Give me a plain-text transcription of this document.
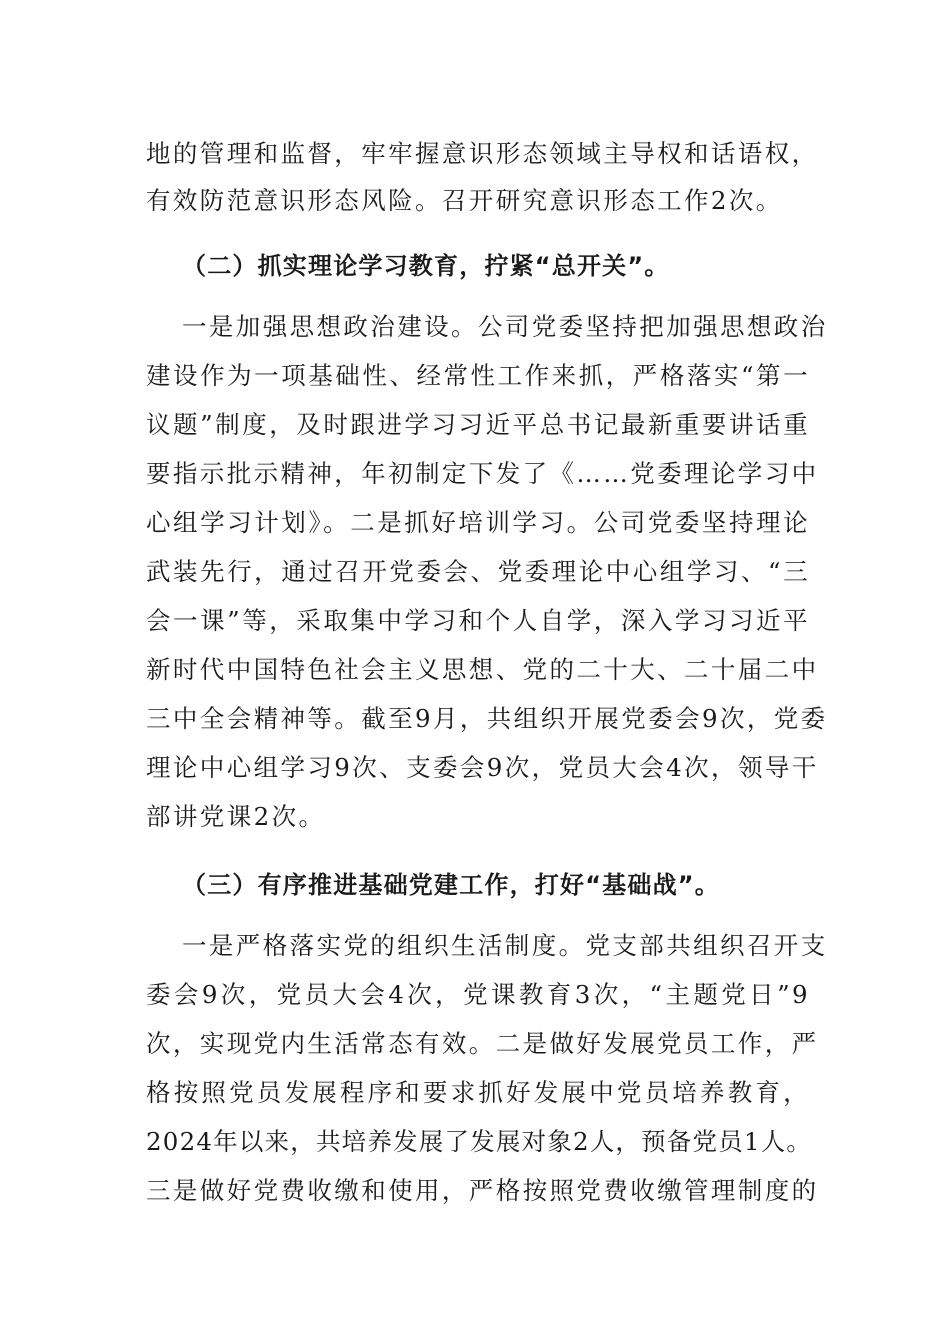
地的管理和监督，牢牢握意识形态领域主导权和话语权，
有效防范意识形态风险。召开研究意识形态工作2次。
（二）抓实理论学习教育，拧紧“总开关”。
一是加强思想政治建设。公司党委坚持把加强思想政治
建设作为一项基础性、经常性工作来抓，严格落实“第一
议题”制度，及时跟进学习习近平总书记最新重要讲话重
要指示批示精神，年初制定下发了《……党委理论学习中
心组学习计划》。二是抓好培训学习。公司党委坚持理论
武装先行，通过召开党委会、党委理论中心组学习、“三
会一课”等，采取集中学习和个人自学，深入学习习近平
新时代中国特色社会主义思想、党的二十大、二十届二中
三中全会精神等。截至9月，共组织开展党委会9次，党委
理论中心组学习9次、支委会9次，党员大会4次，领导干
部讲党课2次。
（三）有序推进基础党建工作，打好“基础战”。
一是严格落实党的组织生活制度。党支部共组织召开支
委会9次，党员大会4次，党课教育3次，“主题党日”9
次，实现党内生活常态有效。二是做好发展党员工作，严
格按照党员发展程序和要求抓好发展中党员培养教育，
2024年以来，共培养发展了发展对象2人，预备党员1人。
三是做好党费收缴和使用，严格按照党费收缴管理制度的
